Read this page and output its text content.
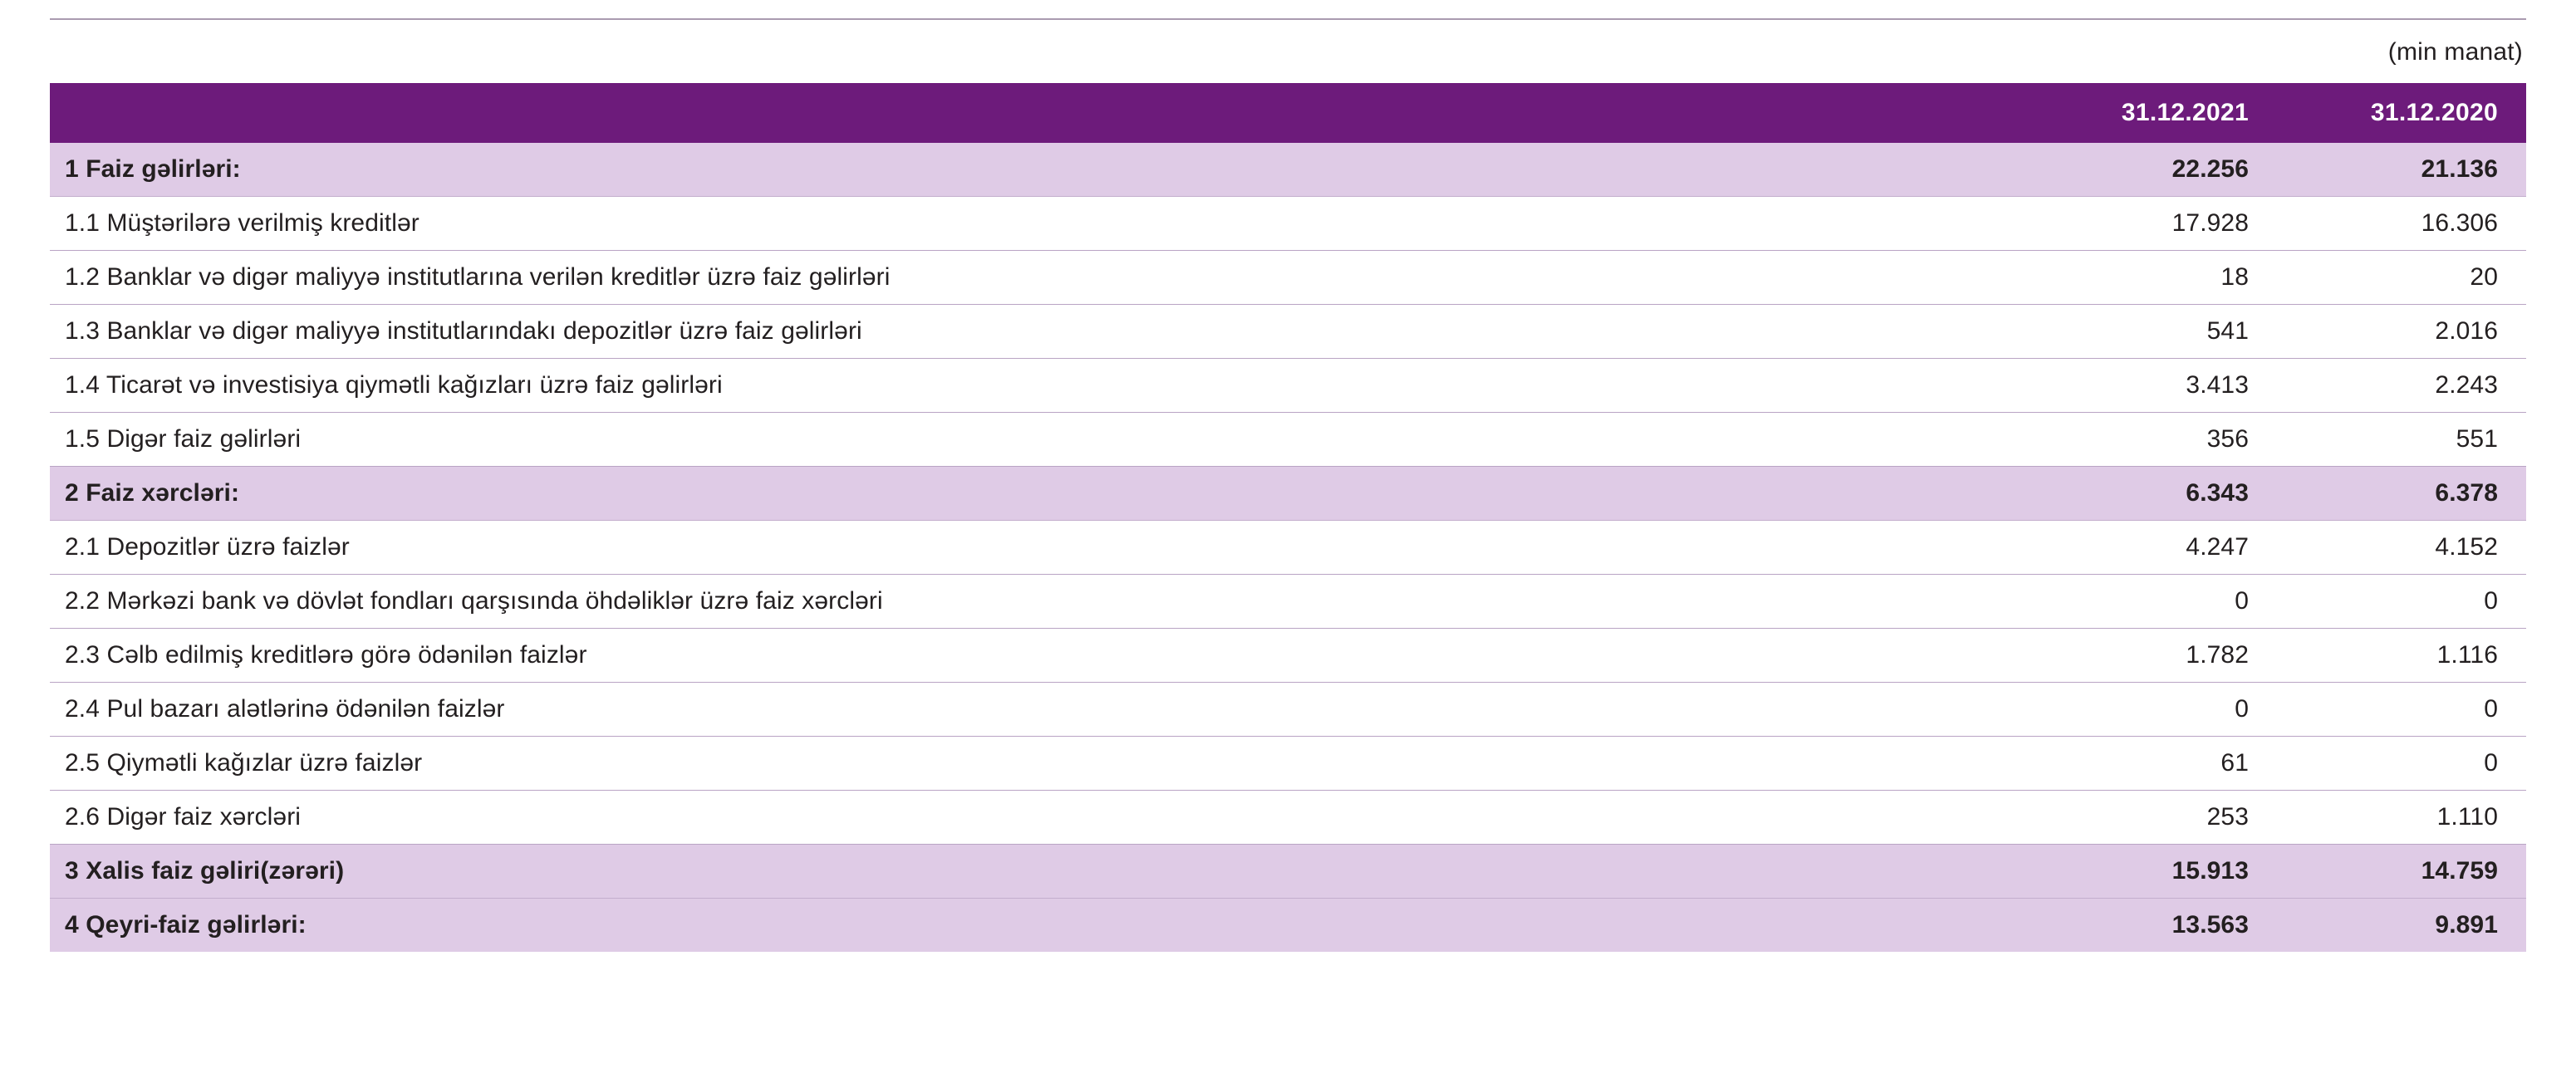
(min manat)
	31.12.2021	31.12.2020
1 Faiz gəlirləri:	22.256	21.136
1.1 Müştərilərə verilmiş kreditlər	17.928	16.306
1.2 Banklar və digər maliyyə institutlarına verilən kreditlər üzrə faiz gəlirləri	18	20
1.3 Banklar və digər maliyyə institutlarındakı depozitlər üzrə faiz gəlirləri	541	2.016
1.4 Ticarət və investisiya qiymətli kağızları üzrə faiz gəlirləri	3.413	2.243
1.5 Digər faiz gəlirləri	356	551
2 Faiz xərcləri:	6.343	6.378
2.1 Depozitlər üzrə faizlər	4.247	4.152
2.2 Mərkəzi bank və dövlət fondları qarşısında öhdəliklər üzrə faiz xərcləri	0	0
2.3 Cəlb edilmiş kreditlərə görə ödənilən faizlər	1.782	1.116
2.4 Pul bazarı alətlərinə ödənilən faizlər	0	0
2.5 Qiymətli kağızlar üzrə faizlər	61	0
2.6 Digər faiz xərcləri	253	1.110
3 Xalis faiz gəliri(zərəri)	15.913	14.759
4 Qeyri-faiz gəlirləri:	13.563	9.891
